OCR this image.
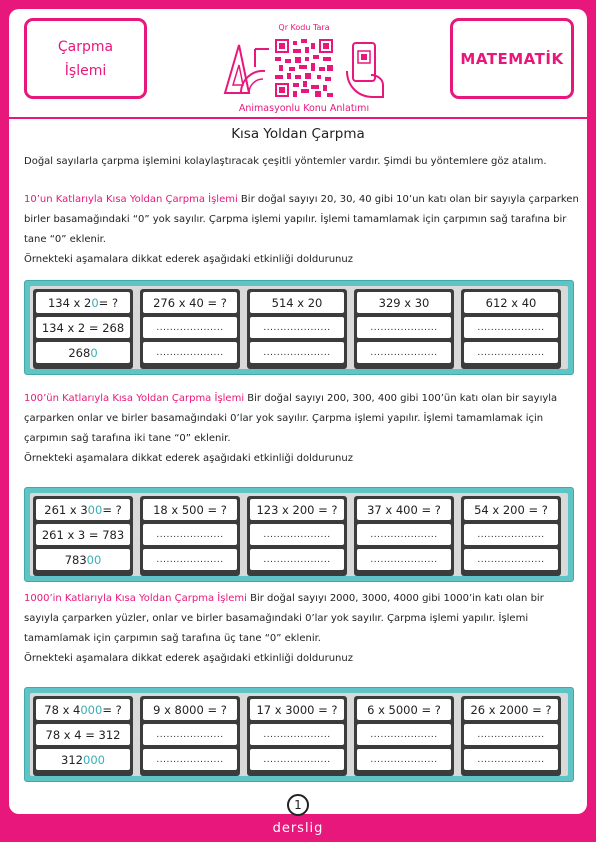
Çarpma
İşlemi
Qr Kodu Tara
Animasyonlu Konu Anlatımı
MATEMATİK
Kısa Yoldan Çarpma
Doğal sayılarla çarpma işlemini kolaylaştıracak çeşitli yöntemler vardır. Şimdi bu yöntemlere göz atalım.
10’un Katlarıyla Kısa Yoldan Çarpma İşlemi Bir doğal sayıyı 20, 30, 40 gibi 10’un katı olan bir sayıyla çarparken birler basamağındaki “0” yok sayılır. Çarpma işlemi yapılır. İşlemi tamamlamak için çarpımın sağ tarafına bir tane “0” eklenir.
Örnekteki aşamalara dikkat ederek aşağıdaki etkinliği doldurunuz
134 x 2 0 = ?
134 x 2 = 268
268 0
276 x 40 = ?
....................
....................
514 x 20
....................
....................
329 x 30
....................
....................
612 x 40
....................
....................
100’ün Katlarıyla Kısa Yoldan Çarpma İşlemi Bir doğal sayıyı 200, 300, 400 gibi 100’ün katı olan bir sayıyla çarparken onlar ve birler basamağındaki 0’lar yok sayılır. Çarpma işlemi yapılır. İşlemi tamamlamak için çarpımın sağ tarafına iki tane “0” eklenir.
Örnekteki aşamalara dikkat ederek aşağıdaki etkinliği doldurunuz
261 x 3 00 = ?
261 x 3 = 783
783 00
18 x 500 = ?
....................
....................
123 x 200 = ?
....................
....................
37 x 400 = ?
....................
....................
54 x 200 = ?
....................
....................
1000’in Katlarıyla Kısa Yoldan Çarpma İşlemi Bir doğal sayıyı 2000, 3000, 4000 gibi 1000’in katı olan bir sayıyla çarparken yüzler, onlar ve birler basamağındaki 0’lar yok sayılır. Çarpma işlemi yapılır. İşlemi tamamlamak için çarpımın sağ tarafına üç tane “0” eklenir.
Örnekteki aşamalara dikkat ederek aşağıdaki etkinliği doldurunuz
78 x 4 000 = ?
78 x 4 = 312
312 000
9 x 8000 = ?
....................
....................
17 x 3000 = ?
....................
....................
6 x 5000 = ?
....................
....................
26 x 2000 = ?
....................
....................
1
derslig
